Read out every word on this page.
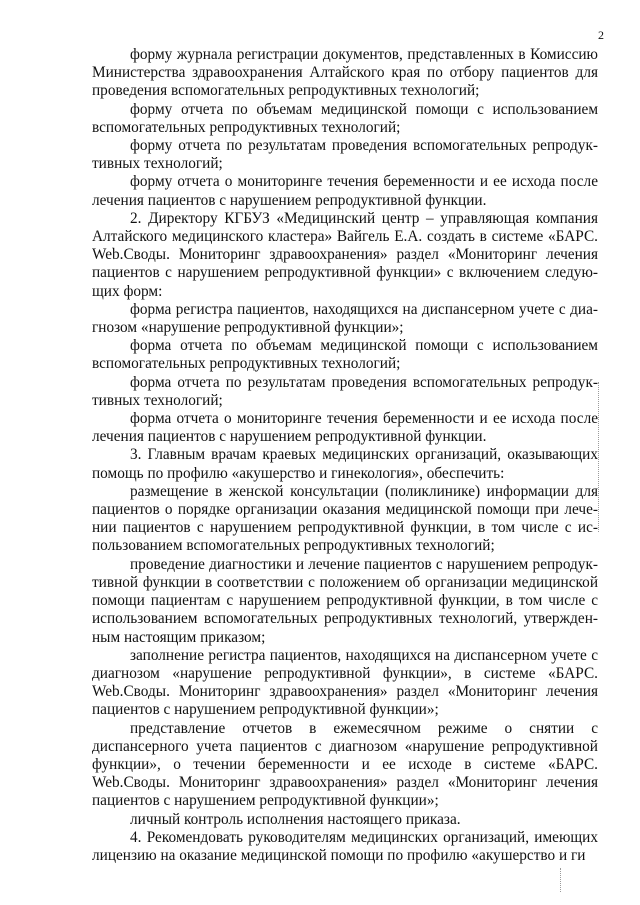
2

форму журнала регистрации документов, представленных в Комиссию Министерства здравоохранения Алтайского края по отбору пациентов для проведения вспомогательных репродуктивных технологий;

форму отчета по объемам медицинской помощи с использованием вспомогательных репродуктивных технологий;

форму отчета по результатам проведения вспомогательных репродуктивных технологий;

форму отчета о мониторинге течения беременности и ее исхода после лечения пациентов с нарушением репродуктивной функции.

2. Директору КГБУЗ «Медицинский центр – управляющая компания Алтайского медицинского кластера» Вайгель Е.А. создать в системе «БАРС. Web.Своды. Мониторинг здравоохранения» раздел «Мониторинг лечения пациентов с нарушением репродуктивной функции» с включением следующих форм:

форма регистра пациентов, находящихся на диспансерном учете с диагнозом «нарушение репродуктивной функции»;

форма отчета по объемам медицинской помощи с использованием вспомогательных репродуктивных технологий;

форма отчета по результатам проведения вспомогательных репродуктивных технологий;

форма отчета о мониторинге течения беременности и ее исхода после лечения пациентов с нарушением репродуктивной функции.

3. Главным врачам краевых медицинских организаций, оказывающих помощь по профилю «акушерство и гинекология», обеспечить:

размещение в женской консультации (поликлинике) информации для пациентов о порядке организации оказания медицинской помощи при лечении пациентов с нарушением репродуктивной функции, в том числе с использованием вспомогательных репродуктивных технологий;

проведение диагностики и лечение пациентов с нарушением репродуктивной функции в соответствии с положением об организации медицинской помощи пациентам с нарушением репродуктивной функции, в том числе с использованием вспомогательных репродуктивных технологий, утвержденным настоящим приказом;

заполнение регистра пациентов, находящихся на диспансерном учете с диагнозом «нарушение репродуктивной функции», в системе «БАРС. Web.Своды. Мониторинг здравоохранения» раздел «Мониторинг лечения пациентов с нарушением репродуктивной функции»;

представление отчетов в ежемесячном режиме о снятии с диспансерного учета пациентов с диагнозом «нарушение репродуктивной функции», о течении беременности и ее исходе в системе «БАРС. Web.Своды. Мониторинг здравоохранения» раздел «Мониторинг лечения пациентов с нарушением репродуктивной функции»;

личный контроль исполнения настоящего приказа.

4. Рекомендовать руководителям медицинских организаций, имеющих лицензию на оказание медицинской помощи по профилю «акушерство и ги
